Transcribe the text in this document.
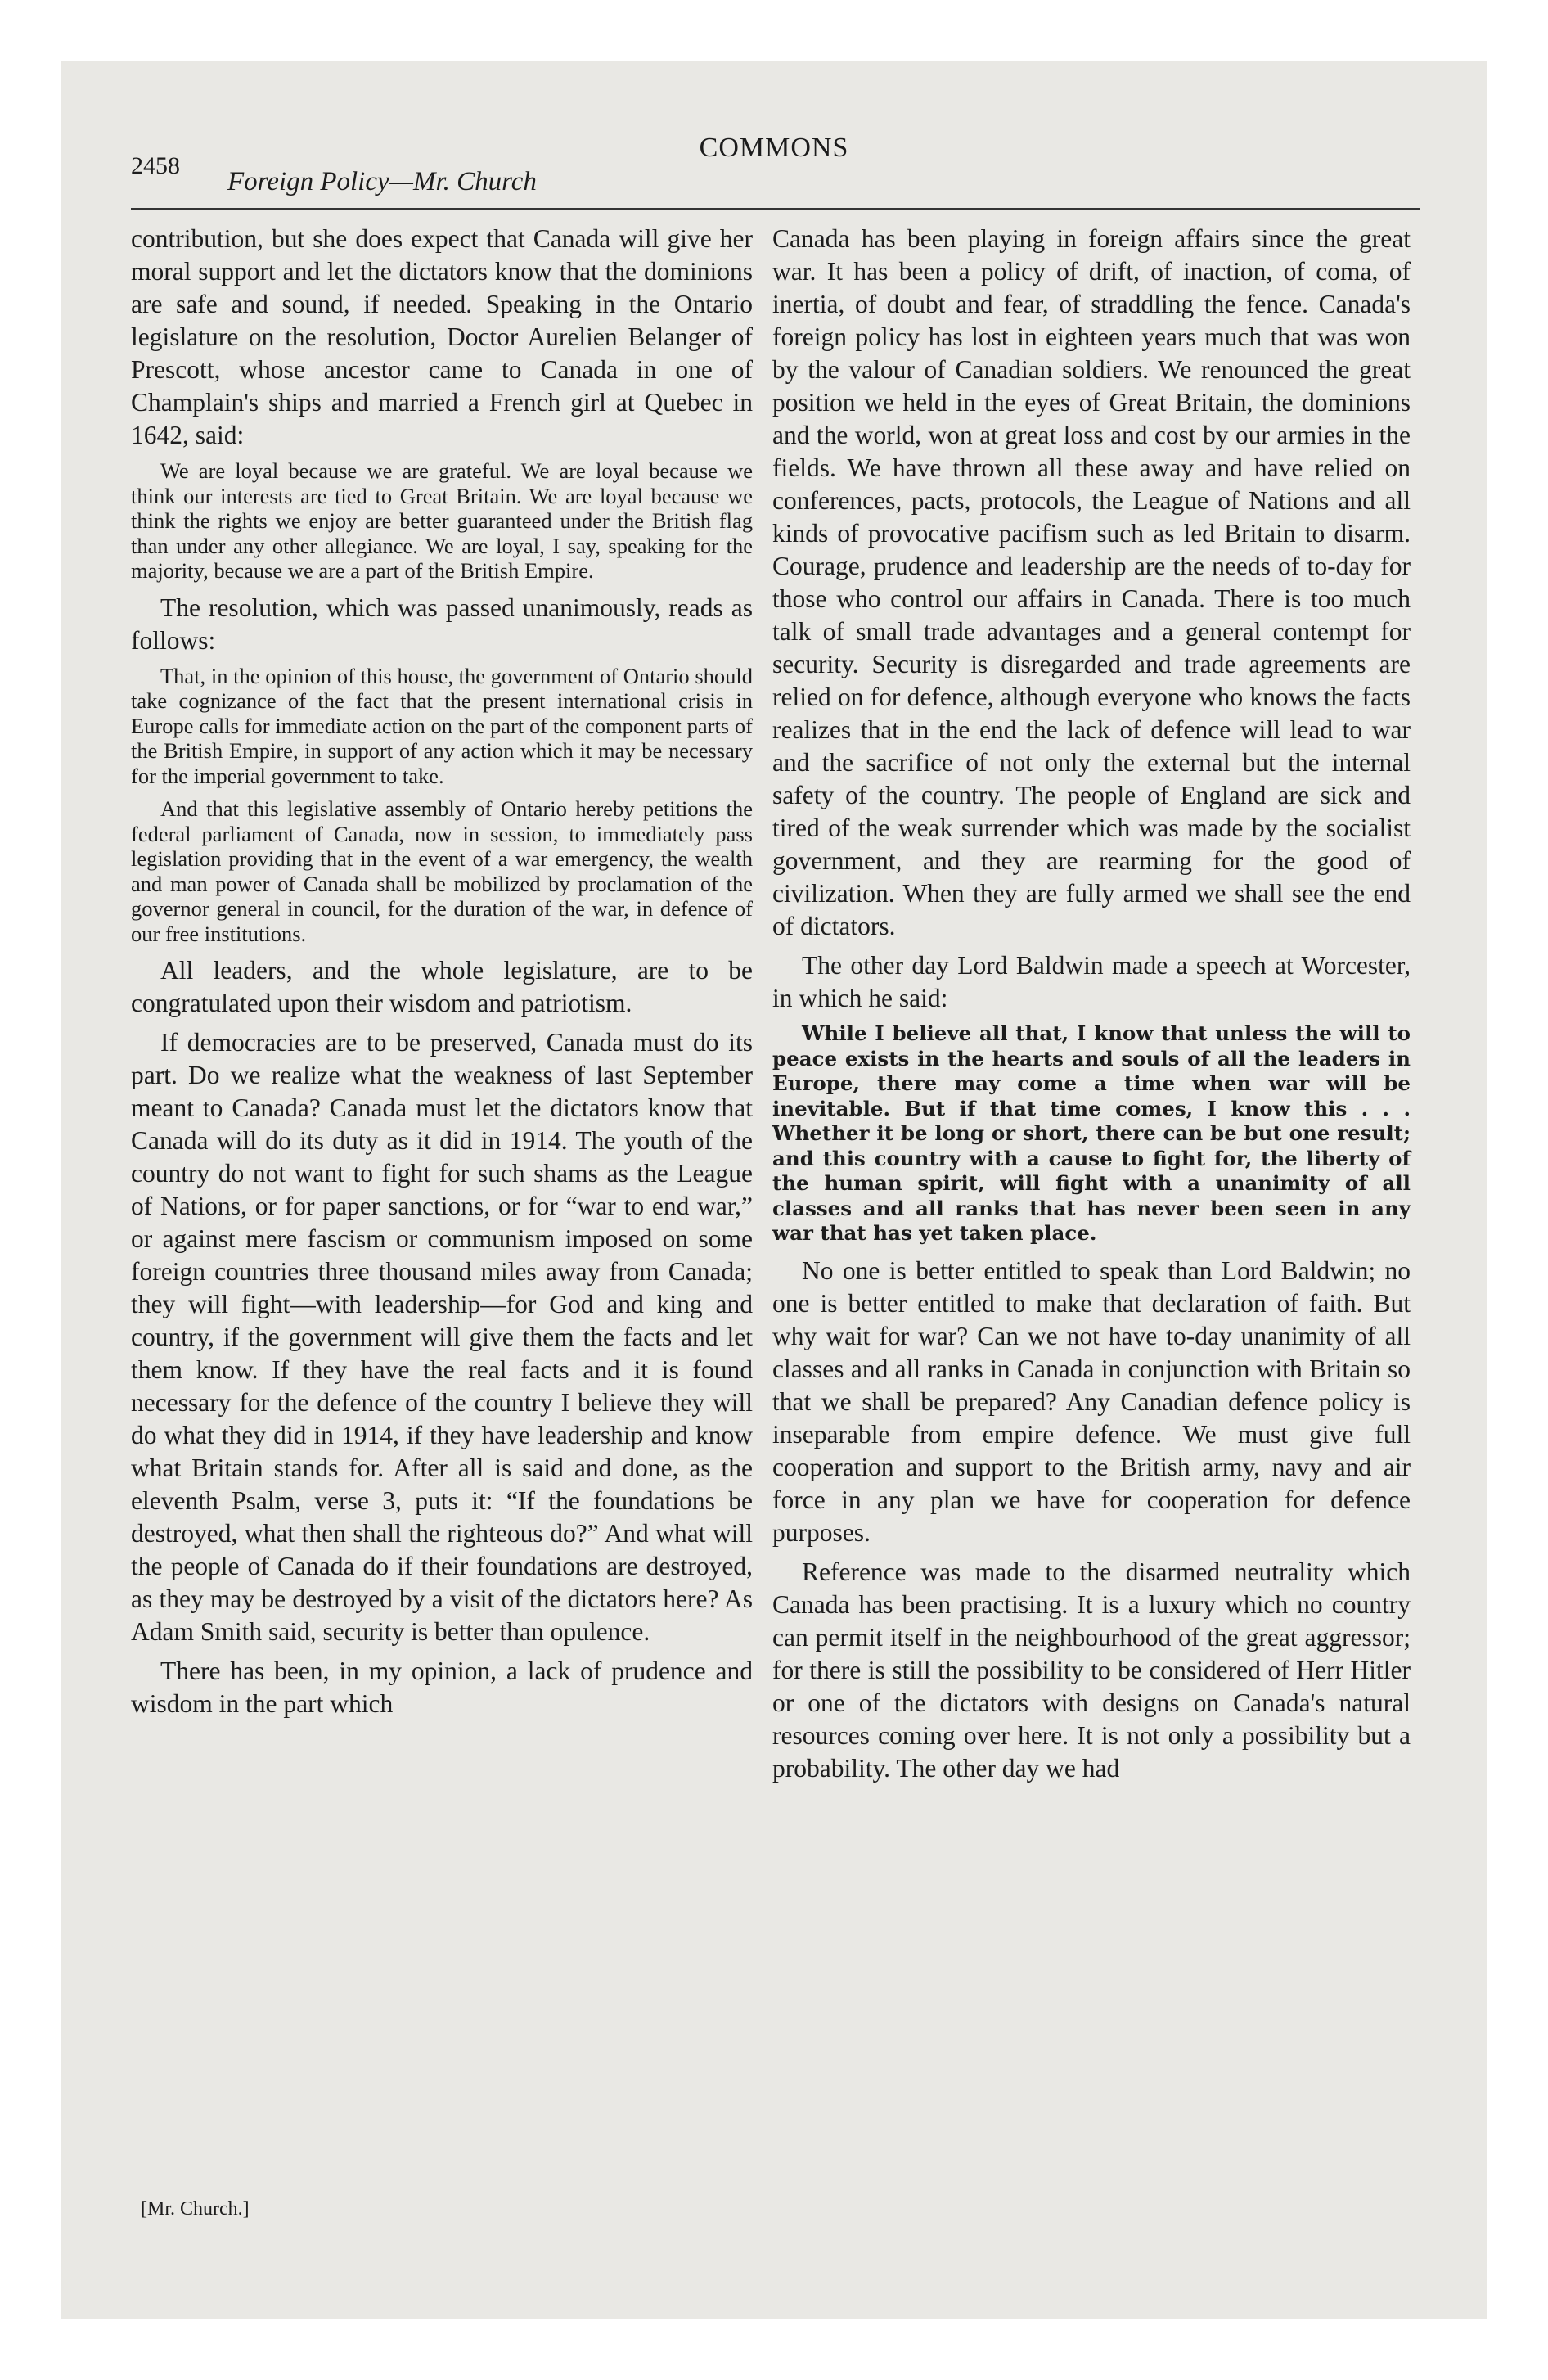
2458
COMMONS
Foreign Policy—Mr. Church

contribution, but she does expect that Canada will give her moral support and let the dictators know that the dominions are safe and sound, if needed. Speaking in the Ontario legislature on the resolution, Doctor Aurelien Belanger of Prescott, whose ancestor came to Canada in one of Champlain's ships and married a French girl at Quebec in 1642, said:

We are loyal because we are grateful. We are loyal because we think our interests are tied to Great Britain. We are loyal because we think the rights we enjoy are better guaranteed under the British flag than under any other allegiance. We are loyal, I say, speaking for the majority, because we are a part of the British Empire.

The resolution, which was passed unanimously, reads as follows:

That, in the opinion of this house, the government of Ontario should take cognizance of the fact that the present international crisis in Europe calls for immediate action on the part of the component parts of the British Empire, in support of any action which it may be necessary for the imperial government to take.

And that this legislative assembly of Ontario hereby petitions the federal parliament of Canada, now in session, to immediately pass legislation providing that in the event of a war emergency, the wealth and man power of Canada shall be mobilized by proclamation of the governor general in council, for the duration of the war, in defence of our free institutions.

All leaders, and the whole legislature, are to be congratulated upon their wisdom and patriotism.

If democracies are to be preserved, Canada must do its part. Do we realize what the weakness of last September meant to Canada? Canada must let the dictators know that Canada will do its duty as it did in 1914. The youth of the country do not want to fight for such shams as the League of Nations, or for paper sanctions, or for “war to end war,” or against mere fascism or communism imposed on some foreign countries three thousand miles away from Canada; they will fight—with leadership—for God and king and country, if the government will give them the facts and let them know. If they have the real facts and it is found necessary for the defence of the country I believe they will do what they did in 1914, if they have leadership and know what Britain stands for. After all is said and done, as the eleventh Psalm, verse 3, puts it: “If the foundations be destroyed, what then shall the righteous do?” And what will the people of Canada do if their foundations are destroyed, as they may be destroyed by a visit of the dictators here? As Adam Smith said, security is better than opulence.

There has been, in my opinion, a lack of prudence and wisdom in the part which

Canada has been playing in foreign affairs since the great war. It has been a policy of drift, of inaction, of coma, of inertia, of doubt and fear, of straddling the fence. Canada's foreign policy has lost in eighteen years much that was won by the valour of Canadian soldiers. We renounced the great position we held in the eyes of Great Britain, the dominions and the world, won at great loss and cost by our armies in the fields. We have thrown all these away and have relied on conferences, pacts, protocols, the League of Nations and all kinds of provocative pacifism such as led Britain to disarm. Courage, prudence and leadership are the needs of to-day for those who control our affairs in Canada. There is too much talk of small trade advantages and a general contempt for security. Security is disregarded and trade agreements are relied on for defence, although everyone who knows the facts realizes that in the end the lack of defence will lead to war and the sacrifice of not only the external but the internal safety of the country. The people of England are sick and tired of the weak surrender which was made by the socialist government, and they are rearming for the good of civilization. When they are fully armed we shall see the end of dictators.

The other day Lord Baldwin made a speech at Worcester, in which he said:

While I believe all that, I know that unless the will to peace exists in the hearts and souls of all the leaders in Europe, there may come a time when war will be inevitable. But if that time comes, I know this . . . Whether it be long or short, there can be but one result; and this country with a cause to fight for, the liberty of the human spirit, will fight with a unanimity of all classes and all ranks that has never been seen in any war that has yet taken place.

No one is better entitled to speak than Lord Baldwin; no one is better entitled to make that declaration of faith. But why wait for war? Can we not have to-day unanimity of all classes and all ranks in Canada in conjunction with Britain so that we shall be prepared? Any Canadian defence policy is inseparable from empire defence. We must give full cooperation and support to the British army, navy and air force in any plan we have for cooperation for defence purposes.

Reference was made to the disarmed neutrality which Canada has been practising. It is a luxury which no country can permit itself in the neighbourhood of the great aggressor; for there is still the possibility to be considered of Herr Hitler or one of the dictators with designs on Canada's natural resources coming over here. It is not only a possibility but a probability. The other day we had

[Mr. Church.]
